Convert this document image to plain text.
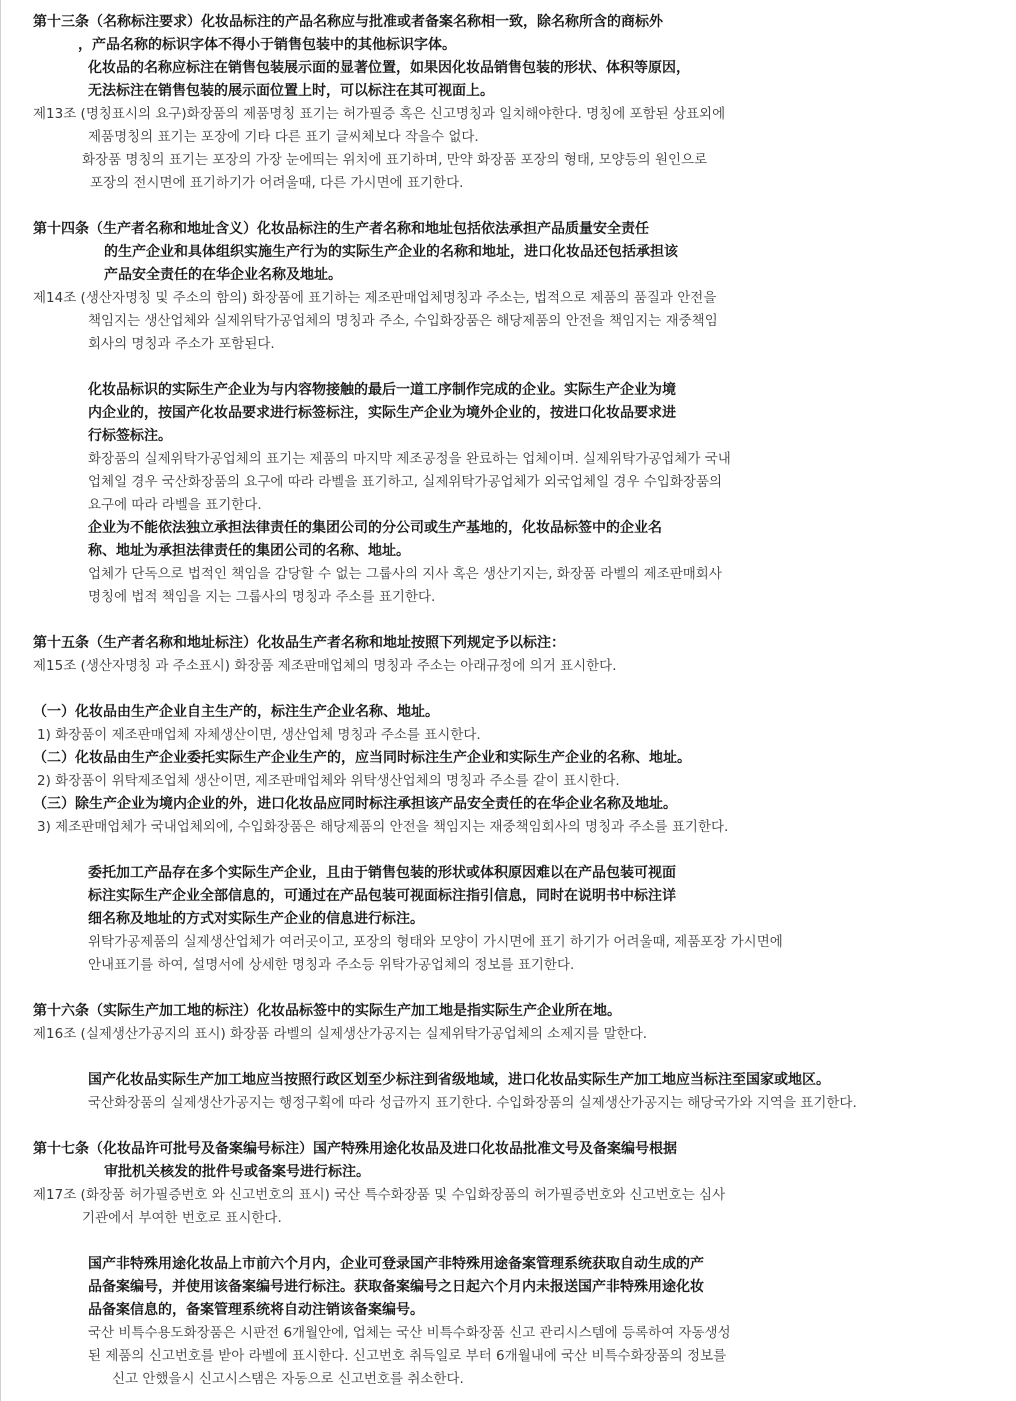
第十三条（名称标注要求）化妆品标注的产品名称应与批准或者备案名称相一致，除名称所含的商标外
，产品名称的标识字体不得小于销售包装中的其他标识字体。
化妆品的名称应标注在销售包装展示面的显著位置，如果因化妆品销售包装的形状、体积等原因，
无法标注在销售包装的展示面位置上时，可以标注在其可视面上。
제13조 (명칭표시의 요구)화장품의 제품명칭 표기는 허가필증 혹은 신고명칭과 일치해야한다. 명칭에 포함된 상표외에
제품명칭의 표기는 포장에 기타 다른 표기 글씨체보다 작을수 없다.
화장품 명칭의 표기는 포장의 가장 눈에띄는 위치에 표기하며, 만약 화장품 포장의 형태, 모양등의 원인으로
포장의 전시면에 표기하기가 어려울때, 다른 가시면에 표기한다.
第十四条（生产者名称和地址含义）化妆品标注的生产者名称和地址包括依法承担产品质量安全责任
的生产企业和具体组织实施生产行为的实际生产企业的名称和地址，进口化妆品还包括承担该
产品安全责任的在华企业名称及地址。
제14조 (생산자명칭 및 주소의 함의) 화장품에 표기하는 제조판매업체명칭과 주소는, 법적으로 제품의 품질과 안전을
책임지는 생산업체와 실제위탁가공업체의 명칭과 주소, 수입화장품은 해당제품의 안전을 책임지는 재중책임
회사의 명칭과 주소가 포함된다.
化妆品标识的实际生产企业为与内容物接触的最后一道工序制作完成的企业。实际生产企业为境
内企业的，按国产化妆品要求进行标签标注，实际生产企业为境外企业的，按进口化妆品要求进
行标签标注。
화장품의 실제위탁가공업체의 표기는 제품의 마지막 제조공정을 완료하는 업체이며. 실제위탁가공업체가 국내
업체일 경우 국산화장품의 요구에 따라 라벨을 표기하고, 실제위탁가공업체가 외국업체일 경우 수입화장품의
요구에 따라 라벨을 표기한다.
企业为不能依法独立承担法律责任的集团公司的分公司或生产基地的，化妆品标签中的企业名
称、地址为承担法律责任的集团公司的名称、地址。
업체가 단독으로 법적인 책임을 감당할 수 없는 그룹사의 지사 혹은 생산기지는, 화장품 라벨의 제조판매회사
명칭에 법적 책임을 지는 그룹사의 명칭과 주소를 표기한다.
第十五条（生产者名称和地址标注）化妆品生产者名称和地址按照下列规定予以标注：
제15조 (생산자명칭 과 주소표시) 화장품 제조판매업체의 명칭과 주소는 아래규정에 의거 표시한다.
（一）化妆品由生产企业自主生产的，标注生产企业名称、地址。
1) 화장품이 제조판매업체 자체생산이면, 생산업체 명칭과 주소를 표시한다.
（二）化妆品由生产企业委托实际生产企业生产的，应当同时标注生产企业和实际生产企业的名称、地址。
2) 화장품이 위탁제조업체 생산이면, 제조판매업체와 위탁생산업체의 명칭과 주소를 같이 표시한다.
（三）除生产企业为境内企业的外，进口化妆品应同时标注承担该产品安全责任的在华企业名称及地址。
3) 제조판매업체가 국내업체외에, 수입화장품은 해당제품의 안전을 책임지는 재중책임회사의 명칭과 주소를 표기한다.
委托加工产品存在多个实际生产企业，且由于销售包装的形状或体积原因难以在产品包装可视面
标注实际生产企业全部信息的，可通过在产品包装可视面标注指引信息，同时在说明书中标注详
细名称及地址的方式对实际生产企业的信息进行标注。
위탁가공제품의 실제생산업체가 여러곳이고, 포장의 형태와 모양이 가시면에 표기 하기가 어려울때, 제품포장 가시면에
안내표기를 하여, 설명서에 상세한 명칭과 주소등 위탁가공업체의 정보를 표기한다.
第十六条（实际生产加工地的标注）化妆品标签中的实际生产加工地是指实际生产企业所在地。
제16조 (실제생산가공지의 표시) 화장품 라벨의 실제생산가공지는 실제위탁가공업체의 소제지를 말한다.
国产化妆品实际生产加工地应当按照行政区划至少标注到省级地域，进口化妆品实际生产加工地应当标注至国家或地区。
국산화장품의 실제생산가공지는 행정구획에 따라 성급까지 표기한다. 수입화장품의 실제생산가공지는 해당국가와 지역을 표기한다.
第十七条（化妆品许可批号及备案编号标注）国产特殊用途化妆品及进口化妆品批准文号及备案编号根据
审批机关核发的批件号或备案号进行标注。
제17조 (화장품 허가필증번호 와 신고번호의 표시) 국산 특수화장품 및 수입화장품의 허가필증번호와 신고번호는 심사
기관에서 부여한 번호로 표시한다.
国产非特殊用途化妆品上市前六个月内，企业可登录国产非特殊用途备案管理系统获取自动生成的产
品备案编号，并使用该备案编号进行标注。获取备案编号之日起六个月内未报送国产非特殊用途化妆
品备案信息的，备案管理系统将自动注销该备案编号。
국산 비특수용도화장품은 시판전 6개월안에, 업체는 국산 비특수화장품 신고 관리시스템에 등록하여 자동생성
된 제품의 신고번호를 받아 라벨에 표시한다. 신고번호 취득일로 부터 6개월내에 국산 비특수화장품의 정보를
신고 안했을시 신고시스탬은 자동으로 신고번호를 취소한다.
